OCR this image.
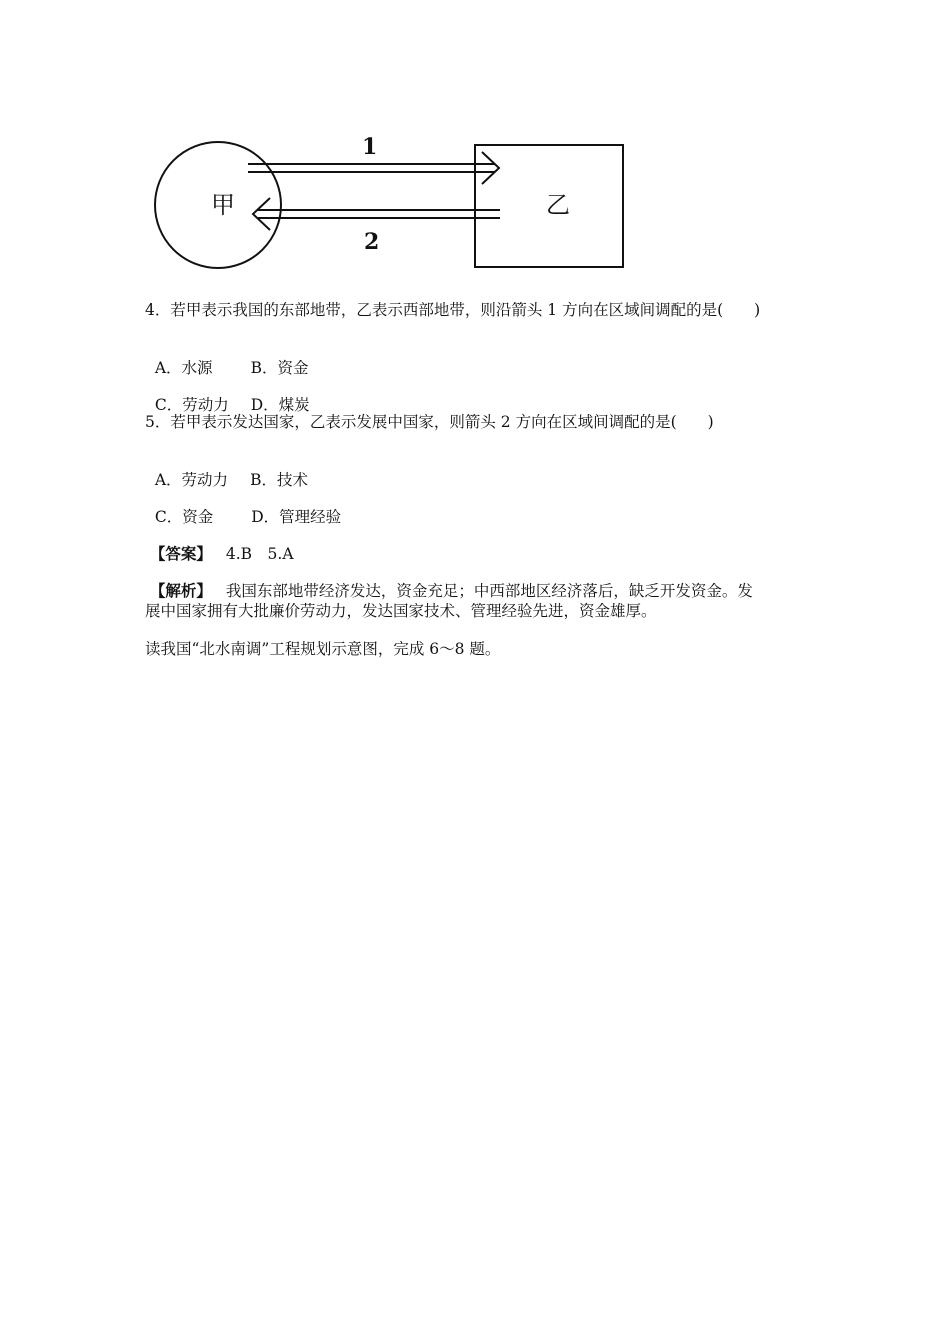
甲	乙
1
2
4．若甲表示我国的东部地带，乙表示西部地带，则沿箭头 1 方向在区域间调配的是(　　)

A．水源 B．资金

C．劳动力 D．煤炭

5．若甲表示发达国家，乙表示发展中国家，则箭头 2 方向在区域间调配的是(　　)

A．劳动力 B．技术

C．资金 D．管理经验

【答案】 4.B　5.A

【解析】 我国东部地带经济发达，资金充足；中西部地区经济落后，缺乏开发资金。发

展中国家拥有大批廉价劳动力，发达国家技术、管理经验先进，资金雄厚。
读我国“北水南调”工程规划示意图，完成 6～8 题。
